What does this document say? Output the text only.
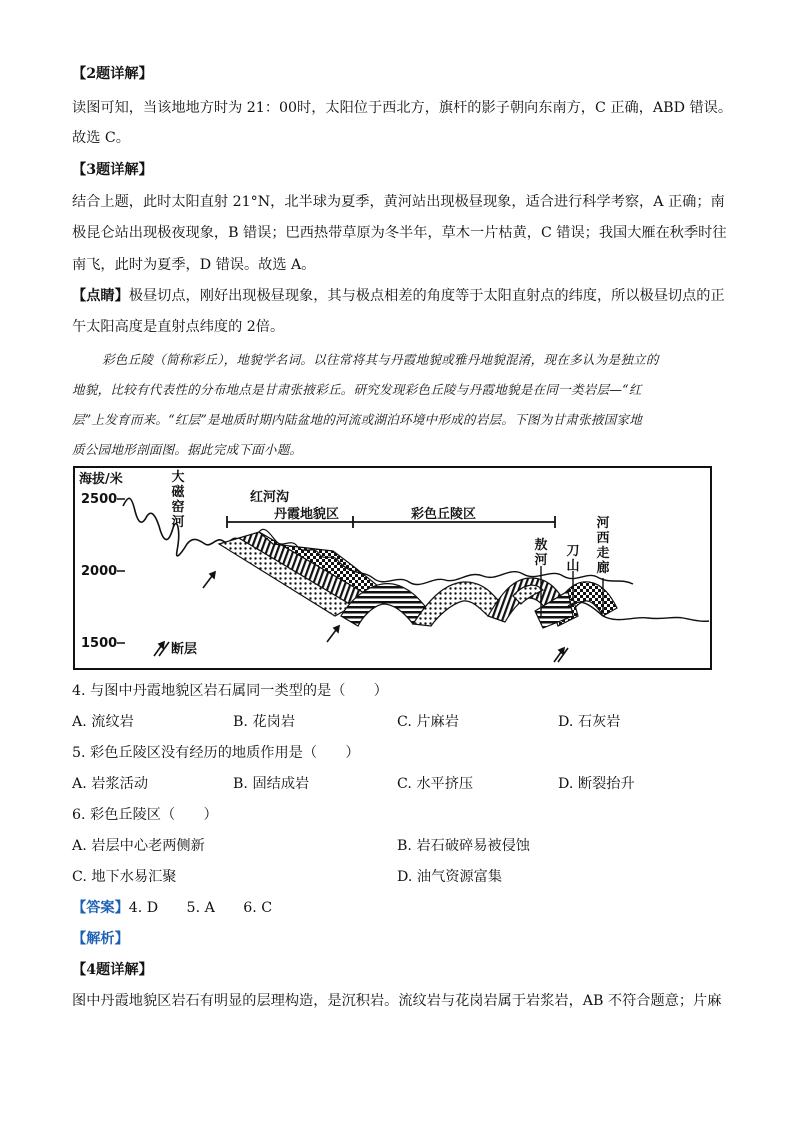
【2题详解】
读图可知，当该地地方时为 21：00时，太阳位于西北方，旗杆的影子朝向东南方，C 正确，ABD 错误。
故选 C。
【3题详解】
结合上题，此时太阳直射 21°N，北半球为夏季，黄河站出现极昼现象，适合进行科学考察，A 正确；南
极昆仑站出现极夜现象，B 错误；巴西热带草原为冬半年，草木一片枯黄，C 错误；我国大雁在秋季时往
南飞，此时为夏季，D 错误。故选 A。
【点睛】极昼切点，刚好出现极昼现象，其与极点相差的角度等于太阳直射点的纬度，所以极昼切点的正
午太阳高度是直射点纬度的 2倍。
彩色丘陵（简称彩丘），地貌学名词。以往常将其与丹霞地貌或雅丹地貌混淆，现在多认为是独立的
地貌，比较有代表性的分布地点是甘肃张掖彩丘。研究发现彩色丘陵与丹霞地貌是在同一类岩层—“红
层”上发育而来。“红层”是地质时期内陆盆地的河流或湖泊环境中形成的岩层。下图为甘肃张掖国家地
质公园地形剖面图。据此完成下面小题。
海拔/米
2500
2000
1500
大磁窑河
红河沟
丹霞地貌区	彩色丘陵区
敖河
刀山
河西走廊
断层
4. 与图中丹霞地貌区岩石属同一类型的是（　　）
A. 流纹岩	B. 花岗岩	C. 片麻岩	D. 石灰岩
5. 彩色丘陵区没有经历的地质作用是（　　）
A. 岩浆活动	B. 固结成岩	C. 水平挤压	D. 断裂抬升
6. 彩色丘陵区（　　）
A. 岩层中心老两侧新	B. 岩石破碎易被侵蚀
C. 地下水易汇聚	D. 油气资源富集
【答案】4. D　　5. A　　6. C
【解析】
【4题详解】
图中丹霞地貌区岩石有明显的层理构造，是沉积岩。流纹岩与花岗岩属于岩浆岩，AB 不符合题意；片麻
